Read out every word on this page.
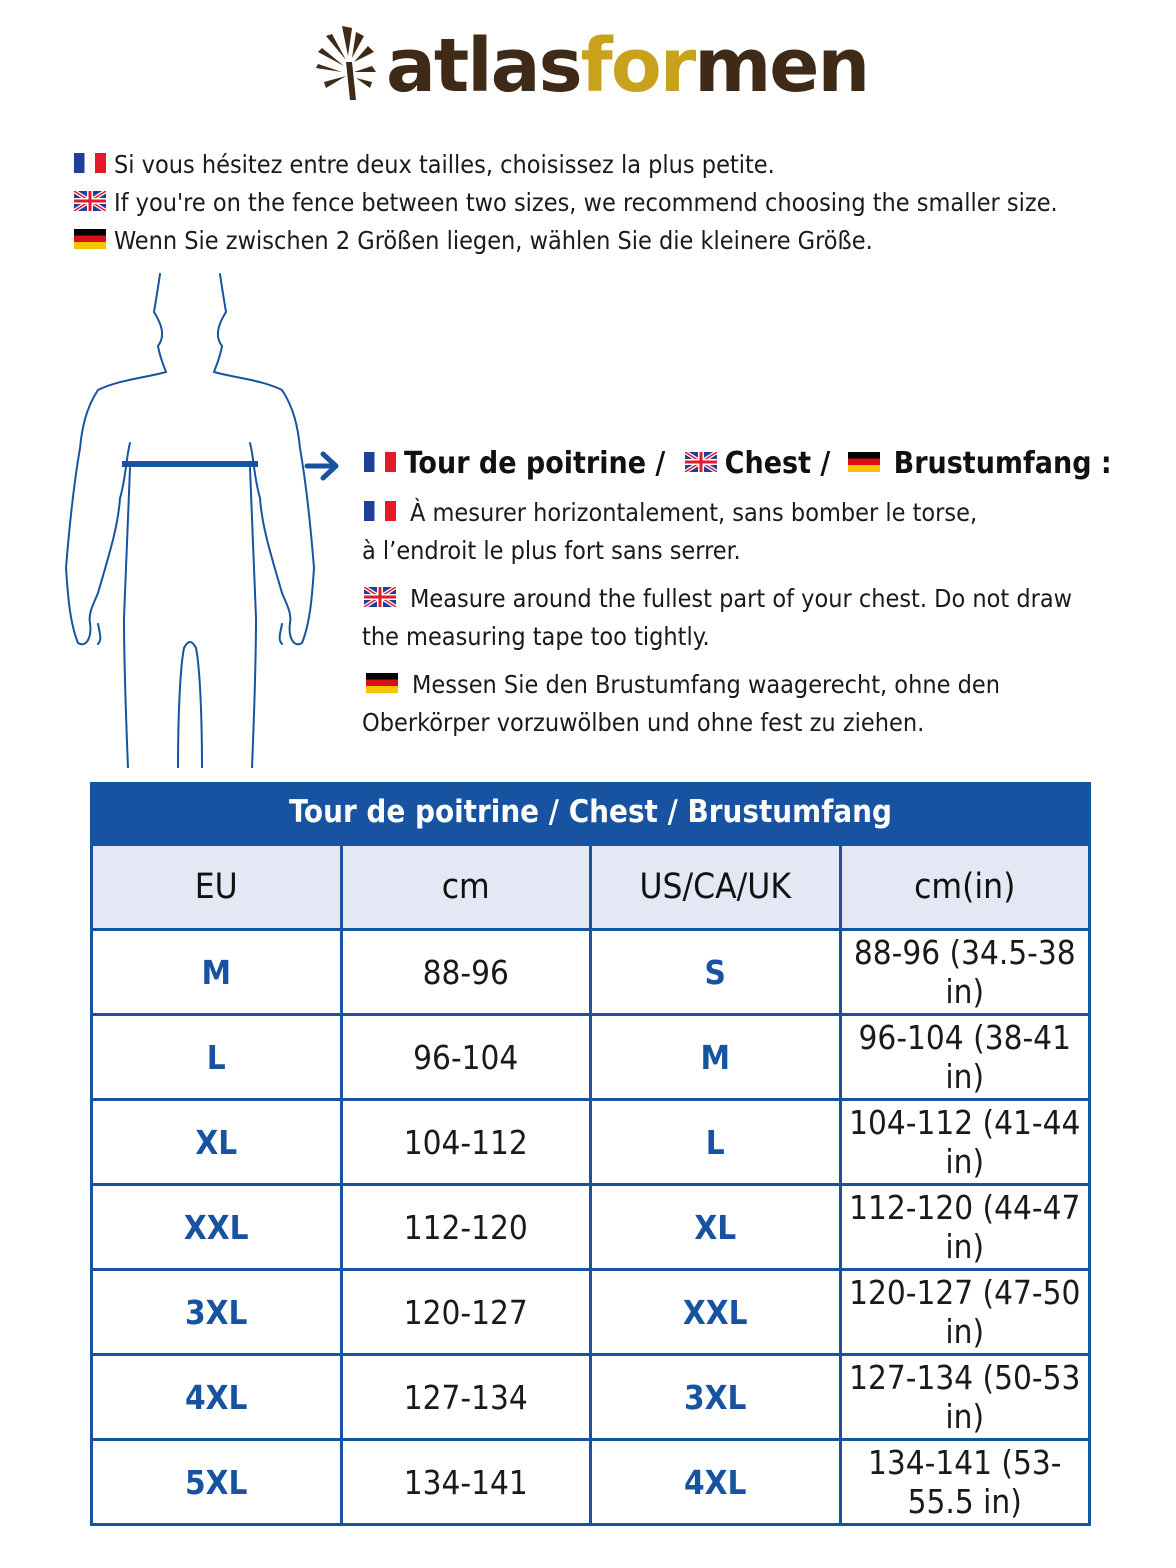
atlasformen
Si vous hésitez entre deux tailles, choisissez la plus petite.
If you're on the fence between two sizes, we recommend choosing the smaller size.
Wenn Sie zwischen 2 Größen liegen, wählen Sie die kleinere Größe.
Tour de poitrine / Chest / Brustumfang :
À mesurer horizontalement, sans bomber le torse,
à l’endroit le plus fort sans serrer.
Measure around the fullest part of your chest. Do not draw
the measuring tape too tightly.
Messen Sie den Brustumfang waagerecht, ohne den
Oberkörper vorzuwölben und ohne fest zu ziehen.
Tour de poitrine / Chest / Brustumfang
EU	cm	US/CA/UK	cm(in)
M	88-96	S	88-96 (34.5-38 in)
L	96-104	M	96-104 (38-41 in)
XL	104-112	L	104-112 (41-44 in)
XXL	112-120	XL	112-120 (44-47 in)
3XL	120-127	XXL	120-127 (47-50 in)
4XL	127-134	3XL	127-134 (50-53 in)
5XL	134-141	4XL	134-141 (53-55.5 in)
